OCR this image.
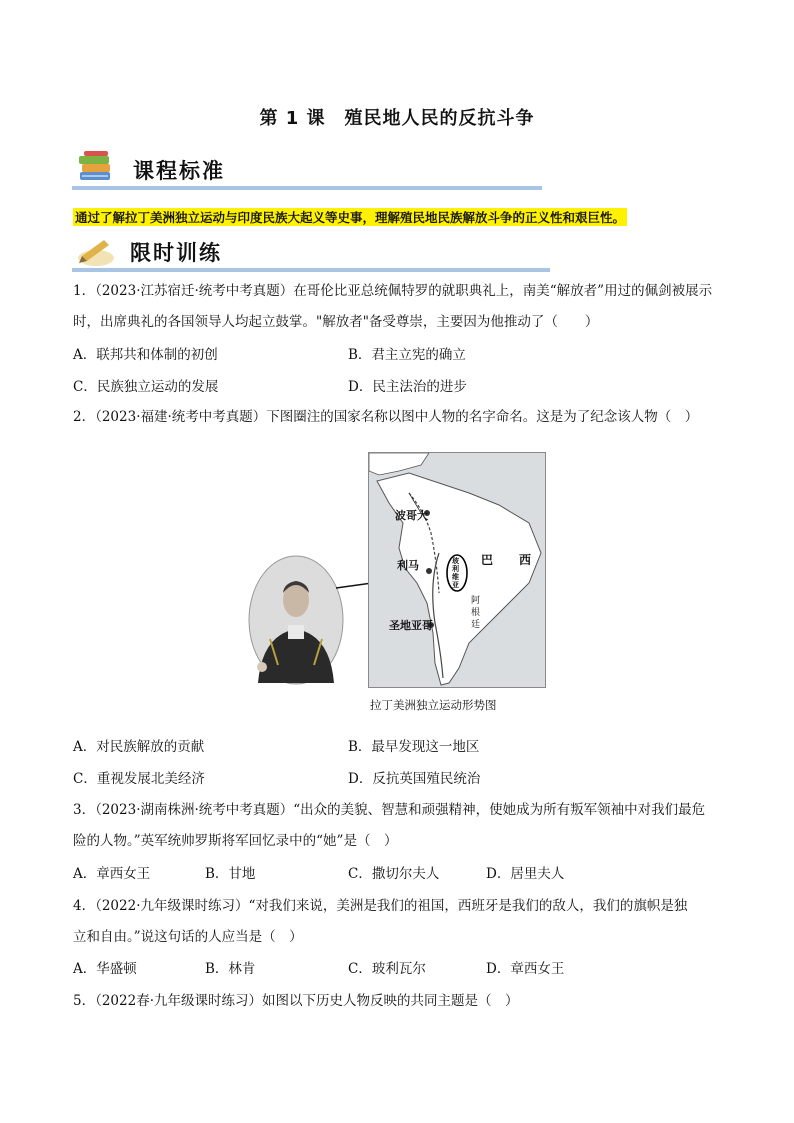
第 1 课　殖民地人民的反抗斗争
课程标准
通过了解拉丁美洲独立运动与印度民族大起义等史事，理解殖民地民族解放斗争的正义性和艰巨性。
限时训练
1．（2023·江苏宿迁·统考中考真题）在哥伦比亚总统佩特罗的就职典礼上，南美“解放者”用过的佩剑被展示
时，出席典礼的各国领导人均起立鼓掌。"解放者"备受尊崇，主要因为他推动了（　　）
A．联邦共和体制的初创	B．君主立宪的确立
C．民族独立运动的发展	D．民主法治的进步
2．（2023·福建·统考中考真题）下图圈注的国家名称以图中人物的名字命名。这是为了纪念该人物（　）
波哥大
利马
圣地亚哥
巴 西
玻利维亚
阿根廷
拉丁美洲独立运动形势图
A．对民族解放的贡献	B．最早发现这一地区
C．重视发展北美经济	D．反抗英国殖民统治
3．（2023·湖南株洲·统考中考真题）“出众的美貌、智慧和顽强精神，使她成为所有叛军领袖中对我们最危
险的人物。”英军统帅罗斯将军回忆录中的“她”是（　）
A．章西女王	B．甘地	C．撒切尔夫人	D．居里夫人
4．（2022·九年级课时练习）“对我们来说，美洲是我们的祖国，西班牙是我们的敌人，我们的旗帜是独
立和自由。”说这句话的人应当是（　）
A．华盛顿	B．林肯	C．玻利瓦尔	D．章西女王
5．（2022春·九年级课时练习）如图以下历史人物反映的共同主题是（　）
